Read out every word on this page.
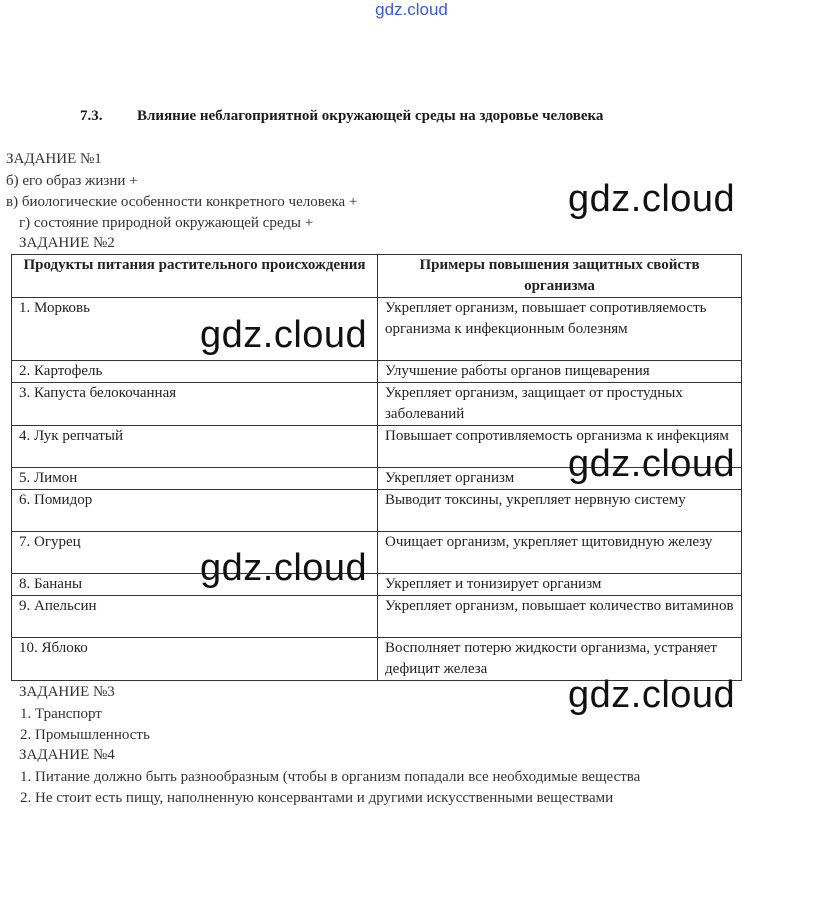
gdz.cloud
7.3. Влияние неблагоприятной окружающей среды на здоровье человека
ЗАДАНИЕ №1
б) его образ жизни +
в) биологические особенности конкретного человека +
г) состояние природной окружающей среды +
ЗАДАНИЕ №2
Продукты питания растительного происхождения	Примеры повышения защитных свойств организма
1. Морковь	Укрепляет организм, повышает сопротивляемость организма к инфекционным болезням
2. Картофель	Улучшение работы органов пищеварения
3. Капуста белокочанная	Укрепляет организм, защищает от простудных заболеваний
4. Лук репчатый	Повышает сопротивляемость организма к инфекциям
5. Лимон	Укрепляет организм
6. Помидор	Выводит токсины, укрепляет нервную систему
7. Огурец	Очищает организм, укрепляет щитовидную железу
8. Бананы	Укрепляет и тонизирует организм
9. Апельсин	Укрепляет организм, повышает количество витаминов
10. Яблоко	Восполняет потерю жидкости организма, устраняет дефицит железа
ЗАДАНИЕ №3
1. Транспорт
2. Промышленность
ЗАДАНИЕ №4
1. Питание должно быть разнообразным (чтобы в организм попадали все необходимые вещества
2. Не стоит есть пищу, наполненную консервантами и другими искусственными веществами
gdz.cloud
gdz.cloud
gdz.cloud
gdz.cloud
gdz.cloud
